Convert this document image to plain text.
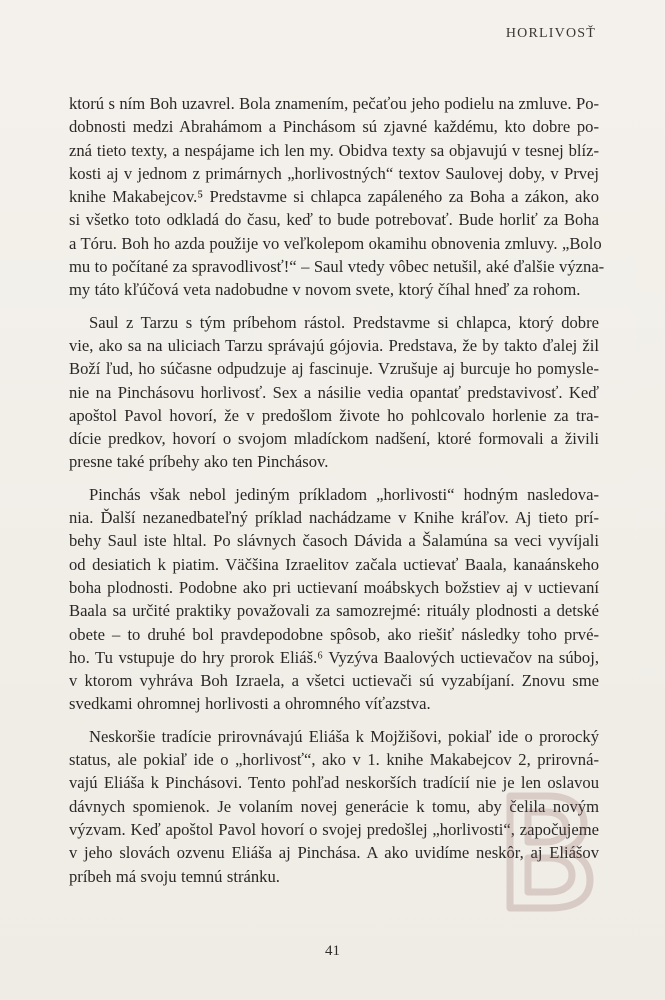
HORLIVOSŤ

ktorú s ním Boh uzavrel. Bola znamením, pečaťou jeho podielu na zmluve. Po-
dobnosti medzi Abrahámom a Pinchásom sú zjavné každému, kto dobre po-
zná tieto texty, a nespájame ich len my. Obidva texty sa objavujú v tesnej blíz-
kosti aj v jednom z primárnych „horlivostných“ textov Saulovej doby, v Prvej
knihe Makabejcov.⁵ Predstavme si chlapca zapáleného za Boha a zákon, ako
si všetko toto odkladá do času, keď to bude potrebovať. Bude horliť za Boha
a Tóru. Boh ho azda použije vo veľkolepom okamihu obnovenia zmluvy. „Bolo
mu to počítané za spravodlivosť!“ – Saul vtedy vôbec netušil, aké ďalšie význa-
my táto kľúčová veta nadobudne v novom svete, ktorý číhal hneď za rohom.

Saul z Tarzu s tým príbehom rástol. Predstavme si chlapca, ktorý dobre
vie, ako sa na uliciach Tarzu správajú gójovia. Predstava, že by takto ďalej žil
Boží ľud, ho súčasne odpudzuje aj fascinuje. Vzrušuje aj burcuje ho pomysle-
nie na Pinchásovu horlivosť. Sex a násilie vedia opantať predstavivosť. Keď
apoštol Pavol hovorí, že v predošlom živote ho pohlcovalo horlenie za tra-
dície predkov, hovorí o svojom mladíckom nadšení, ktoré formovali a živili
presne také príbehy ako ten Pinchásov.

Pinchás však nebol jediným príkladom „horlivosti“ hodným nasledova-
nia. Ďalší nezanedbateľný príklad nachádzame v Knihe kráľov. Aj tieto prí-
behy Saul iste hltal. Po slávnych časoch Dávida a Šalamúna sa veci vyvíjali
od desiatich k piatim. Väčšina Izraelitov začala uctievať Baala, kanaánskeho
boha plodnosti. Podobne ako pri uctievaní moábskych božstiev aj v uctievaní
Baala sa určité praktiky považovali za samozrejmé: rituály plodnosti a detské
obete – to druhé bol pravdepodobne spôsob, ako riešiť následky toho prvé-
ho. Tu vstupuje do hry prorok Eliáš.⁶ Vyzýva Baalových uctievačov na súboj,
v ktorom vyhráva Boh Izraela, a všetci uctievači sú vyzabíjaní. Znovu sme
svedkami ohromnej horlivosti a ohromného víťazstva.

Neskoršie tradície prirovnávajú Eliáša k Mojžišovi, pokiaľ ide o prorocký
status, ale pokiaľ ide o „horlivosť“, ako v 1. knihe Makabejcov 2, prirovná-
vajú Eliáša k Pinchásovi. Tento pohľad neskorších tradícií nie je len oslavou
dávnych spomienok. Je volaním novej generácie k tomu, aby čelila novým
výzvam. Keď apoštol Pavol hovorí o svojej predošlej „horlivosti“, započujeme
v jeho slovách ozvenu Eliáša aj Pinchása. A ako uvidíme neskôr, aj Eliášov
príbeh má svoju temnú stránku.

41
